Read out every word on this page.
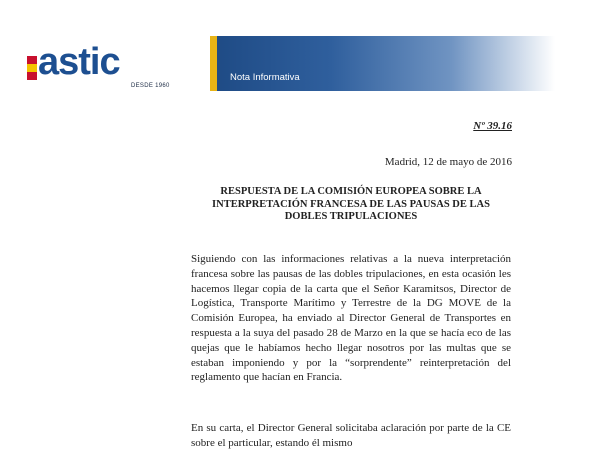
astic
DESDE 1960
Nota Informativa
Nº 39.16
Madrid, 12 de mayo de 2016
RESPUESTA DE LA COMISIÓN EUROPEA SOBRE LA INTERPRETACIÓN FRANCESA DE LAS PAUSAS DE LAS DOBLES TRIPULACIONES
Siguiendo con las informaciones relativas a la nueva interpretación francesa sobre las pausas de las dobles tripulaciones, en esta ocasión les hacemos llegar copia de la carta que el Señor Karamitsos, Director de Logística, Transporte Marítimo y Terrestre de la DG MOVE de la Comisión Europea, ha enviado al Director General de Transportes en respuesta a la suya del pasado 28 de Marzo en la que se hacía eco de las quejas que le habíamos hecho llegar nosotros por las multas que se estaban imponiendo y por la “sorprendente” reinterpretación del reglamento que hacían en Francia.
En su carta, el Director General solicitaba aclaración por parte de la CE sobre el particular, estando él mismo
